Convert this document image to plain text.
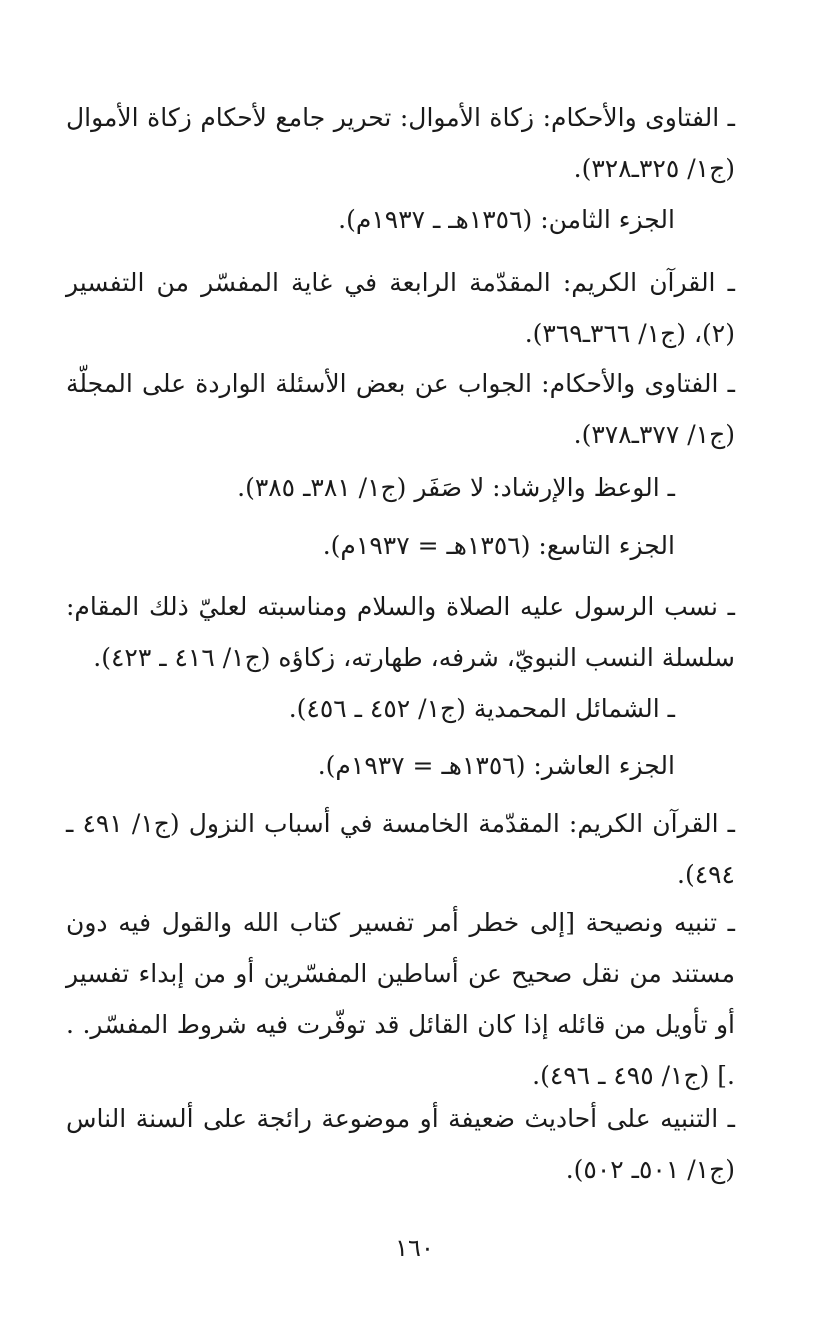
ـ الفتاوى والأحكام: زكاة الأموال: تحرير جامع لأحكام زكاة الأموال (ج١/ ٣٢٥ـ٣٢٨).

الجزء الثامن: (١٣٥٦هـ ـ ١٩٣٧م).

ـ القرآن الكريم: المقدّمة الرابعة في غاية المفسّر من التفسير (٢)، (ج١/ ٣٦٦ـ٣٦٩).

ـ الفتاوى والأحكام: الجواب عن بعض الأسئلة الواردة على المجلّة (ج١/ ٣٧٧ـ٣٧٨).

ـ الوعظ والإرشاد: لا صَفَر (ج١/ ٣٨١ـ ٣٨٥).

الجزء التاسع: (١٣٥٦هـ = ١٩٣٧م).

ـ نسب الرسول عليه الصلاة والسلام ومناسبته لعليّ ذلك المقام: سلسلة النسب النبويّ، شرفه، طهارته، زكاؤه (ج١/ ٤١٦ ـ ٤٢٣).

ـ الشمائل المحمدية (ج١/ ٤٥٢ ـ ٤٥٦).

الجزء العاشر: (١٣٥٦هـ = ١٩٣٧م).

ـ القرآن الكريم: المقدّمة الخامسة في أسباب النزول (ج١/ ٤٩١ ـ ٤٩٤).

ـ تنبيه ونصيحة [إلى خطر أمر تفسير كتاب الله والقول فيه دون مستند من نقل صحيح عن أساطين المفسّرين أو من إبداء تفسير أو تأويل من قائله إذا كان القائل قد توفّرت فيه شروط المفسّر. . .] (ج١/ ٤٩٥ ـ ٤٩٦).

ـ التنبيه على أحاديث ضعيفة أو موضوعة رائجة على ألسنة الناس (ج١/ ٥٠١ـ ٥٠٢).

١٦٠
